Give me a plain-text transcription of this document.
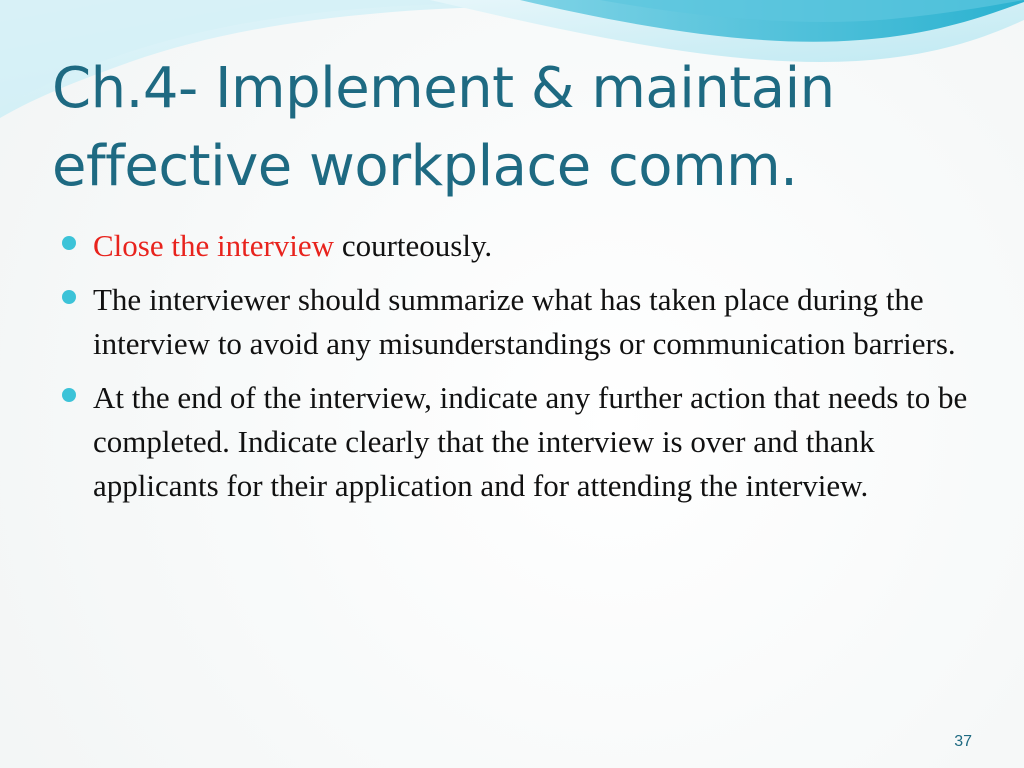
Ch.4- Implement & maintain
effective workplace comm.
Close the interview courteously.
The interviewer should summarize what has taken place during the interview to avoid any misunderstandings or communication barriers.
At the end of the interview, indicate any further action that needs to be completed. Indicate clearly that the interview is over and thank applicants for their application and for attending the interview.
37
